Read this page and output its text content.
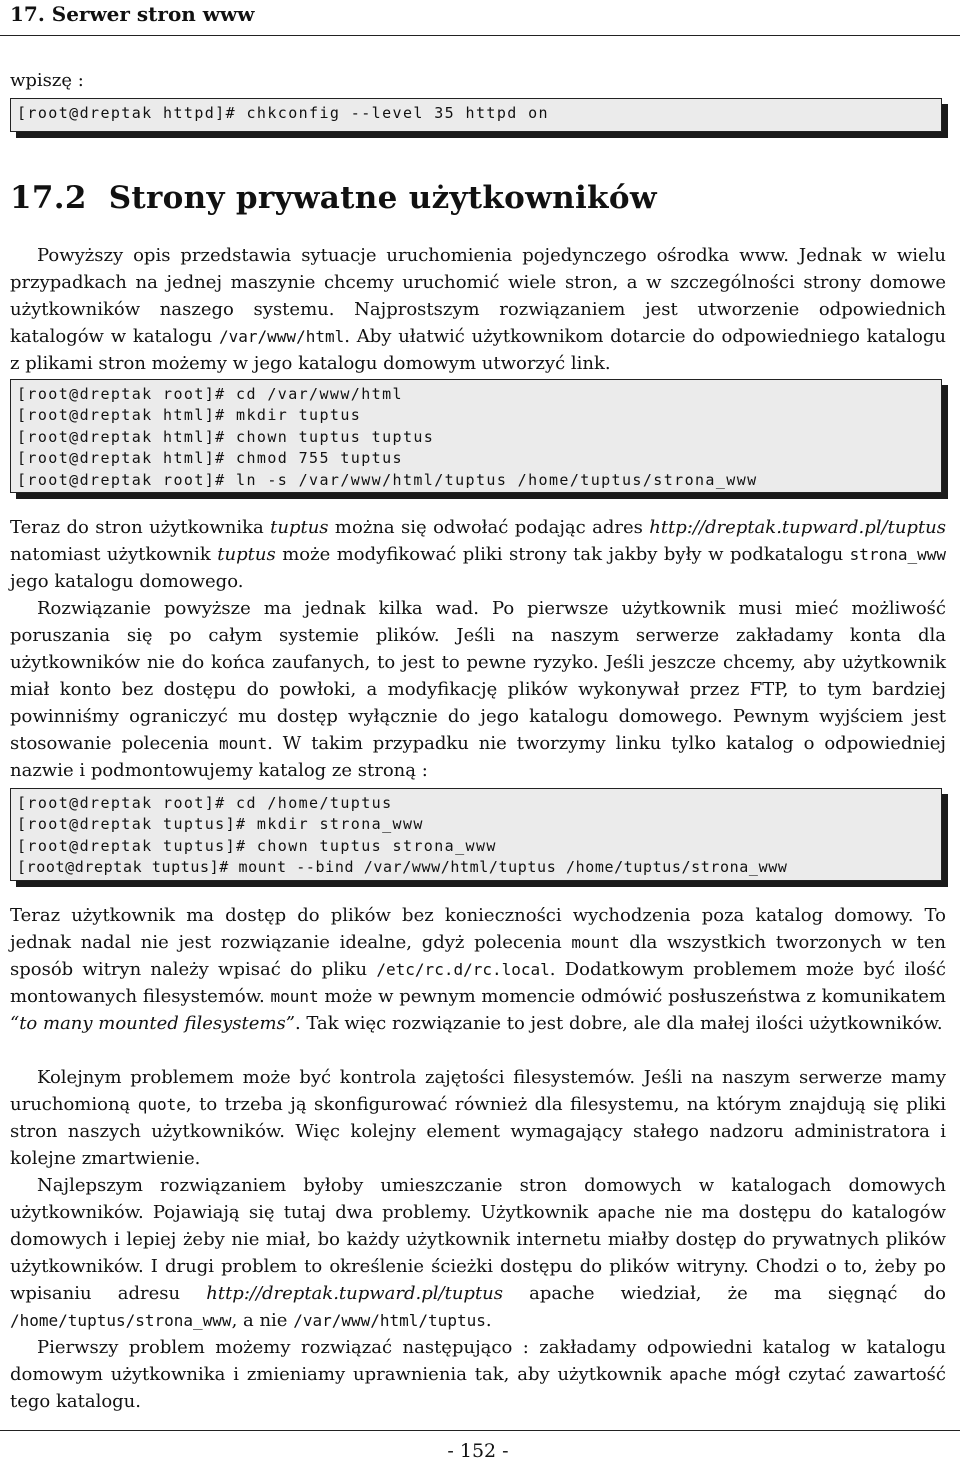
17. Serwer stron www

wpiszę :

[root@dreptak httpd]# chkconfig --level 35 httpd on
17.2 Strony prywatne użytkowników

Powyższy opis przedstawia sytuacje uruchomienia pojedynczego ośrodka www. Jednak w wielu przypadkach na jednej maszynie chcemy uruchomić wiele stron, a w szczególności strony domowe użytkowników naszego systemu. Najprostszym rozwiązaniem jest utworzenie odpowiednich katalogów w katalogu /var/www/html. Aby ułatwić użytkownikom dotarcie do odpowiedniego katalogu z plikami stron możemy w jego katalogu domowym utworzyć link.

[root@dreptak root]# cd /var/www/html
[root@dreptak html]# mkdir tuptus
[root@dreptak html]# chown tuptus tuptus
[root@dreptak html]# chmod 755 tuptus
[root@dreptak root]# ln -s /var/www/html/tuptus /home/tuptus/strona_www

Teraz do stron użytkownika tuptus można się odwołać podając adres http://dreptak.tupward.pl/tuptus natomiast użytkownik tuptus może modyfikować pliki strony tak jakby były w podkatalogu strona_www jego katalogu domowego.

Rozwiązanie powyższe ma jednak kilka wad. Po pierwsze użytkownik musi mieć możliwość poruszania się po całym systemie plików. Jeśli na naszym serwerze zakładamy konta dla użytkowników nie do końca zaufanych, to jest to pewne ryzyko. Jeśli jeszcze chcemy, aby użytkownik miał konto bez dostępu do powłoki, a modyfikację plików wykonywał przez FTP, to tym bardziej powinniśmy ograniczyć mu dostęp wyłącznie do jego katalogu domowego. Pewnym wyjściem jest stosowanie polecenia mount. W takim przypadku nie tworzymy linku tylko katalog o odpowiedniej nazwie i podmontowujemy katalog ze stroną :

[root@dreptak root]# cd /home/tuptus
[root@dreptak tuptus]# mkdir strona_www
[root@dreptak tuptus]# chown tuptus strona_www
[root@dreptak tuptus]# mount --bind /var/www/html/tuptus /home/tuptus/strona_www

Teraz użytkownik ma dostęp do plików bez konieczności wychodzenia poza katalog domowy. To jednak nadal nie jest rozwiązanie idealne, gdyż polecenia mount dla wszystkich tworzonych w ten sposób witryn należy wpisać do pliku /etc/rc.d/rc.local. Dodatkowym problemem może być ilość montowanych filesystemów. mount może w pewnym momencie odmówić posłuszeństwa z komunikatem “to many mounted filesystems”. Tak więc rozwiązanie to jest dobre, ale dla małej ilości użytkowników.

Kolejnym problemem może być kontrola zajętości filesystemów. Jeśli na naszym serwerze mamy uruchomioną quote, to trzeba ją skonfigurować również dla filesystemu, na którym znajdują się pliki stron naszych użytkowników. Więc kolejny element wymagający stałego nadzoru administratora i kolejne zmartwienie.

Najlepszym rozwiązaniem byłoby umieszczanie stron domowych w katalogach domowych użytkowników. Pojawiają się tutaj dwa problemy. Użytkownik apache nie ma dostępu do katalogów domowych i lepiej żeby nie miał, bo każdy użytkownik internetu miałby dostęp do prywatnych plików użytkowników. I drugi problem to określenie ścieżki dostępu do plików witryny. Chodzi o to, żeby po wpisaniu adresu http://dreptak.tupward.pl/tuptus apache wiedział, że ma sięgnąć do /home/tuptus/strona_www, a nie /var/www/html/tuptus.

Pierwszy problem możemy rozwiązać następująco : zakładamy odpowiedni katalog w katalogu domowym użytkownika i zmieniamy uprawnienia tak, aby użytkownik apache mógł czytać zawartość tego katalogu.

- 152 -
